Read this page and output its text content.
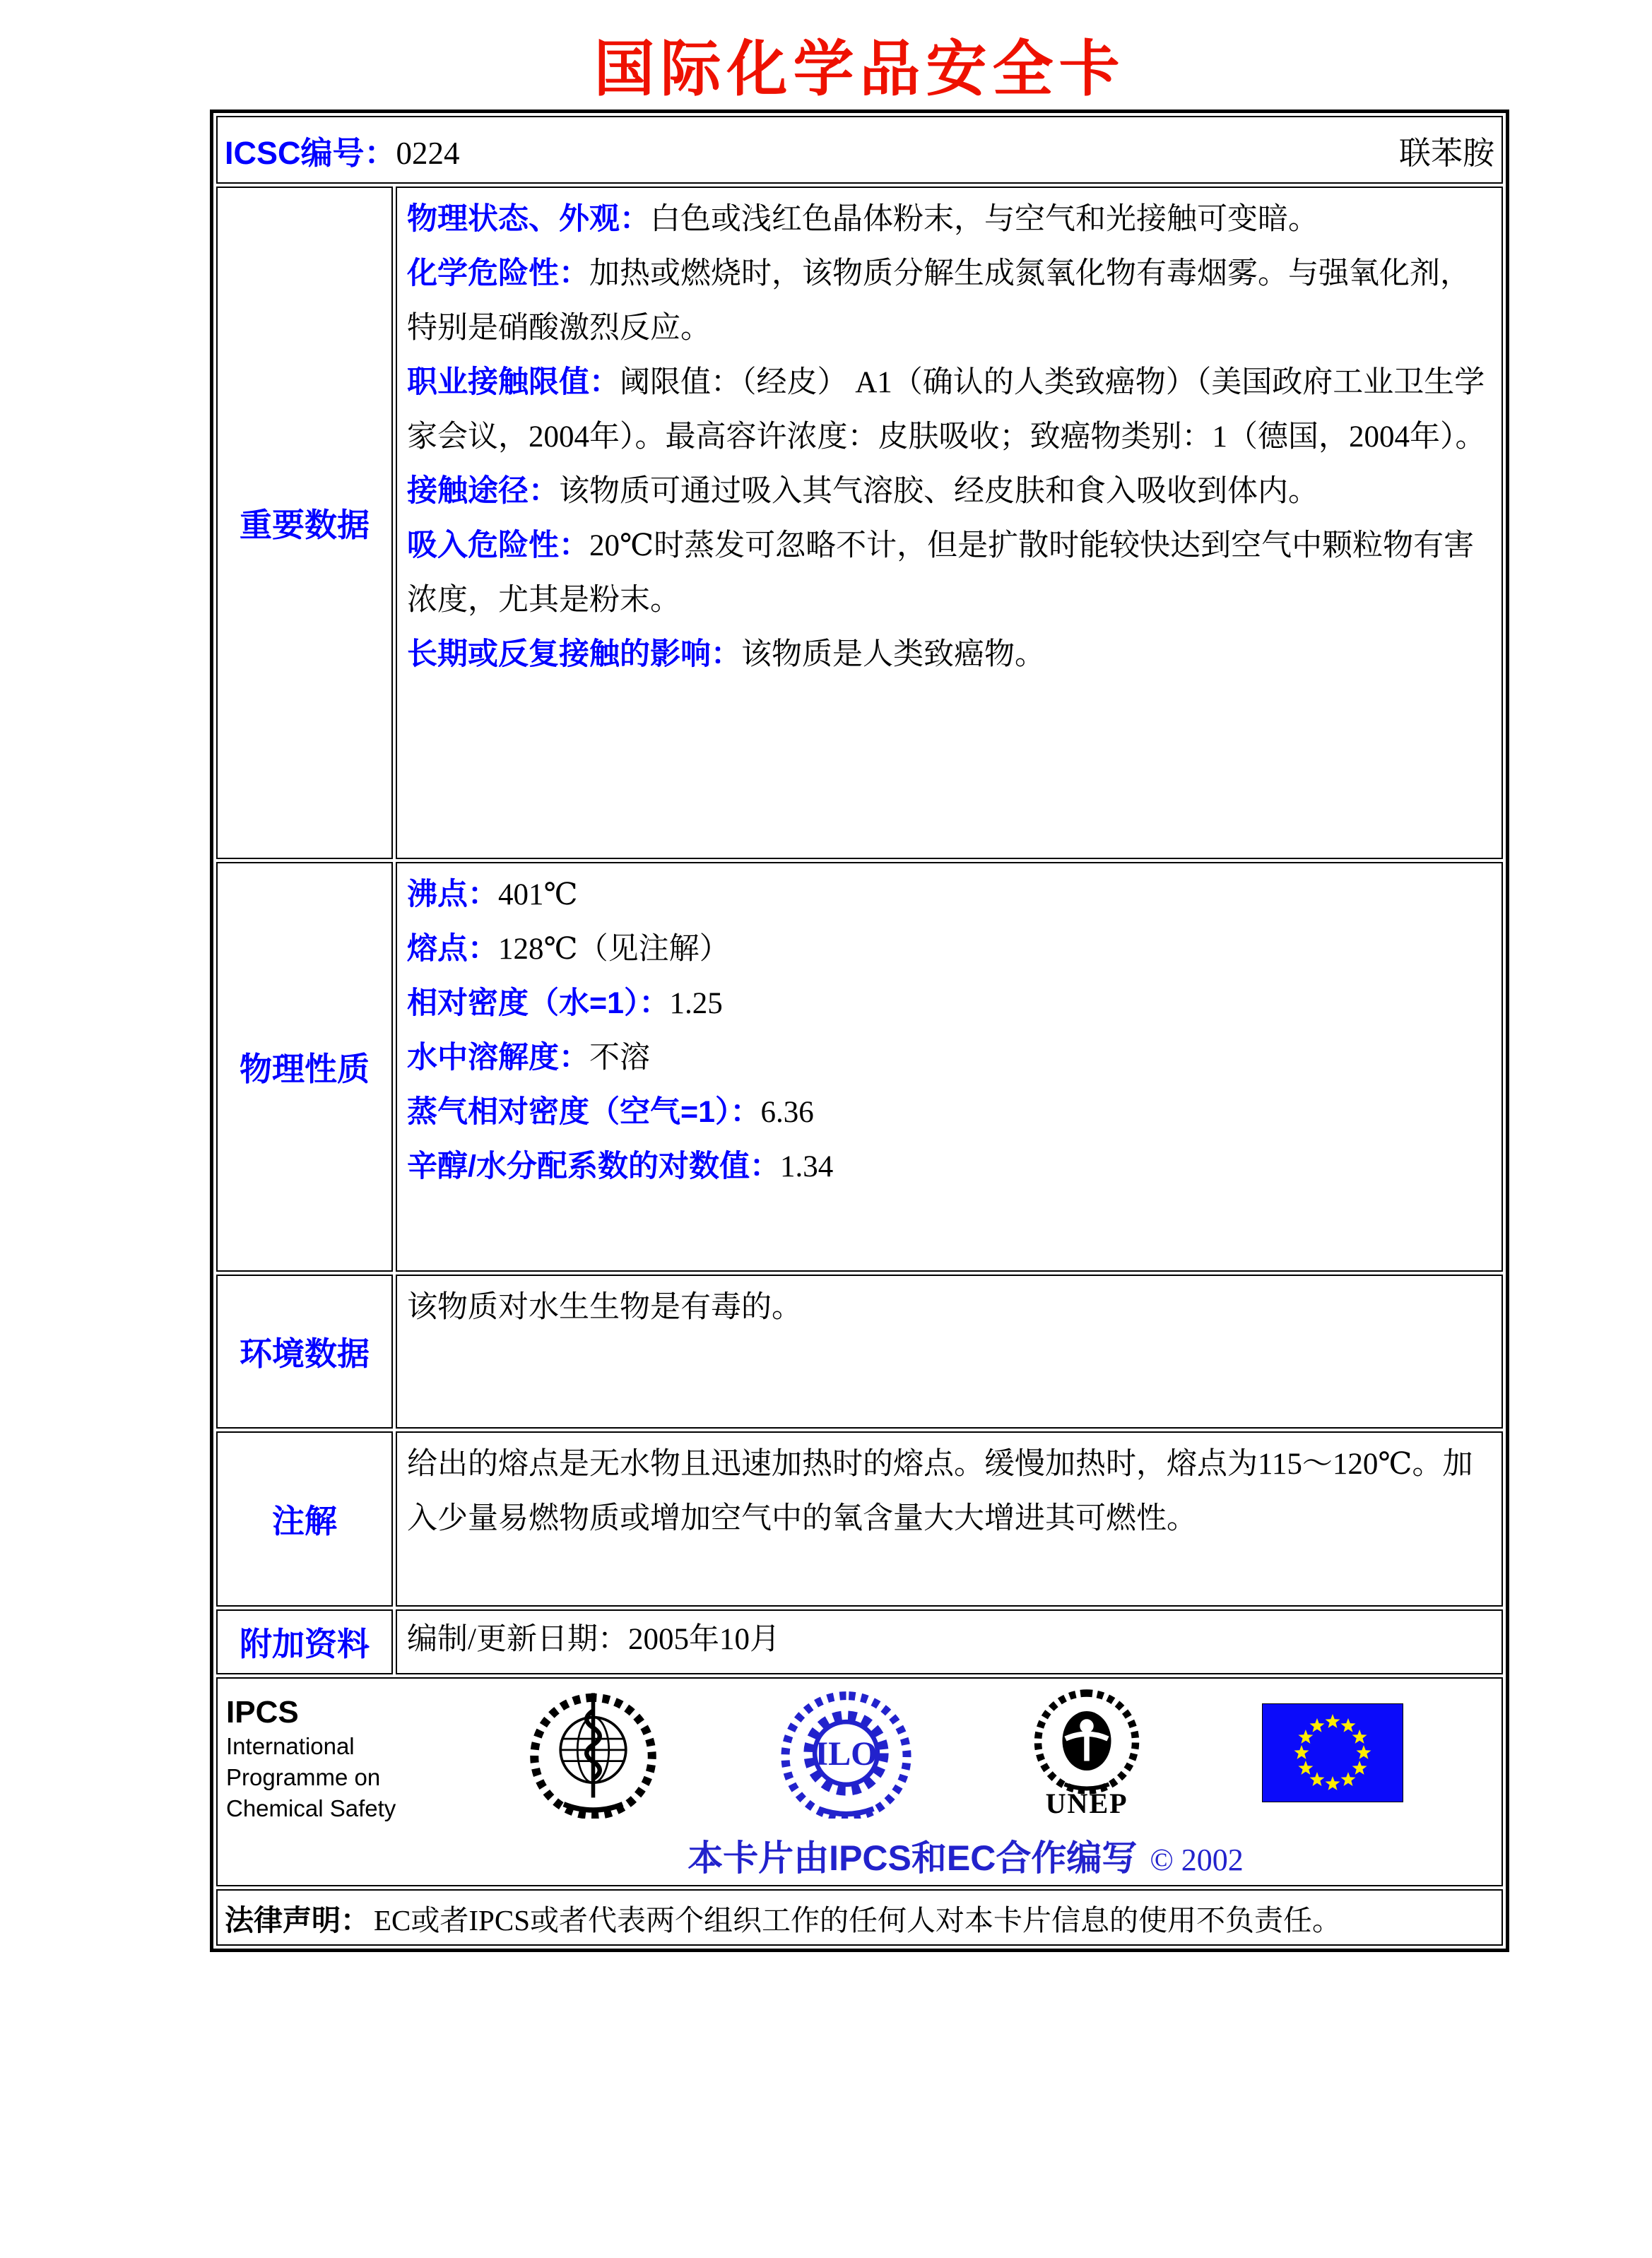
国际化学品安全卡
ICSC编号：0224	联苯胺
重要数据

物理状态、外观：白色或浅红色晶体粉末，与空气和光接触可变暗。

化学危险性：加热或燃烧时，该物质分解生成氮氧化物有毒烟雾。与强氧化剂，特别是硝酸激烈反应。

职业接触限值：阈限值：（经皮） A1（确认的人类致癌物）（美国政府工业卫生学家会议，2004年）。最高容许浓度：皮肤吸收；致癌物类别：1（德国，2004年）。

接触途径：该物质可通过吸入其气溶胶、经皮肤和食入吸收到体内。

吸入危险性：20℃时蒸发可忽略不计，但是扩散时能较快达到空气中颗粒物有害浓度，尤其是粉末。

长期或反复接触的影响：该物质是人类致癌物。

物理性质

沸点：401℃

熔点：128℃（见注解）

相对密度（水=1）：1.25

水中溶解度：不溶

蒸气相对密度（空气=1）：6.36

辛醇/水分配系数的对数值：1.34

环境数据

该物质对水生生物是有毒的。

注解

给出的熔点是无水物且迅速加热时的熔点。缓慢加热时，熔点为115～120℃。加入少量易燃物质或增加空气中的氧含量大大增进其可燃性。

附加资料	编制/更新日期：2005年10月

IPCS
International
Programme on
Chemical Safety
ILO
UNEP
本卡片由IPCS和EC合作编写 © 2002
法律声明： EC或者IPCS或者代表两个组织工作的任何人对本卡片信息的使用不负责任。
